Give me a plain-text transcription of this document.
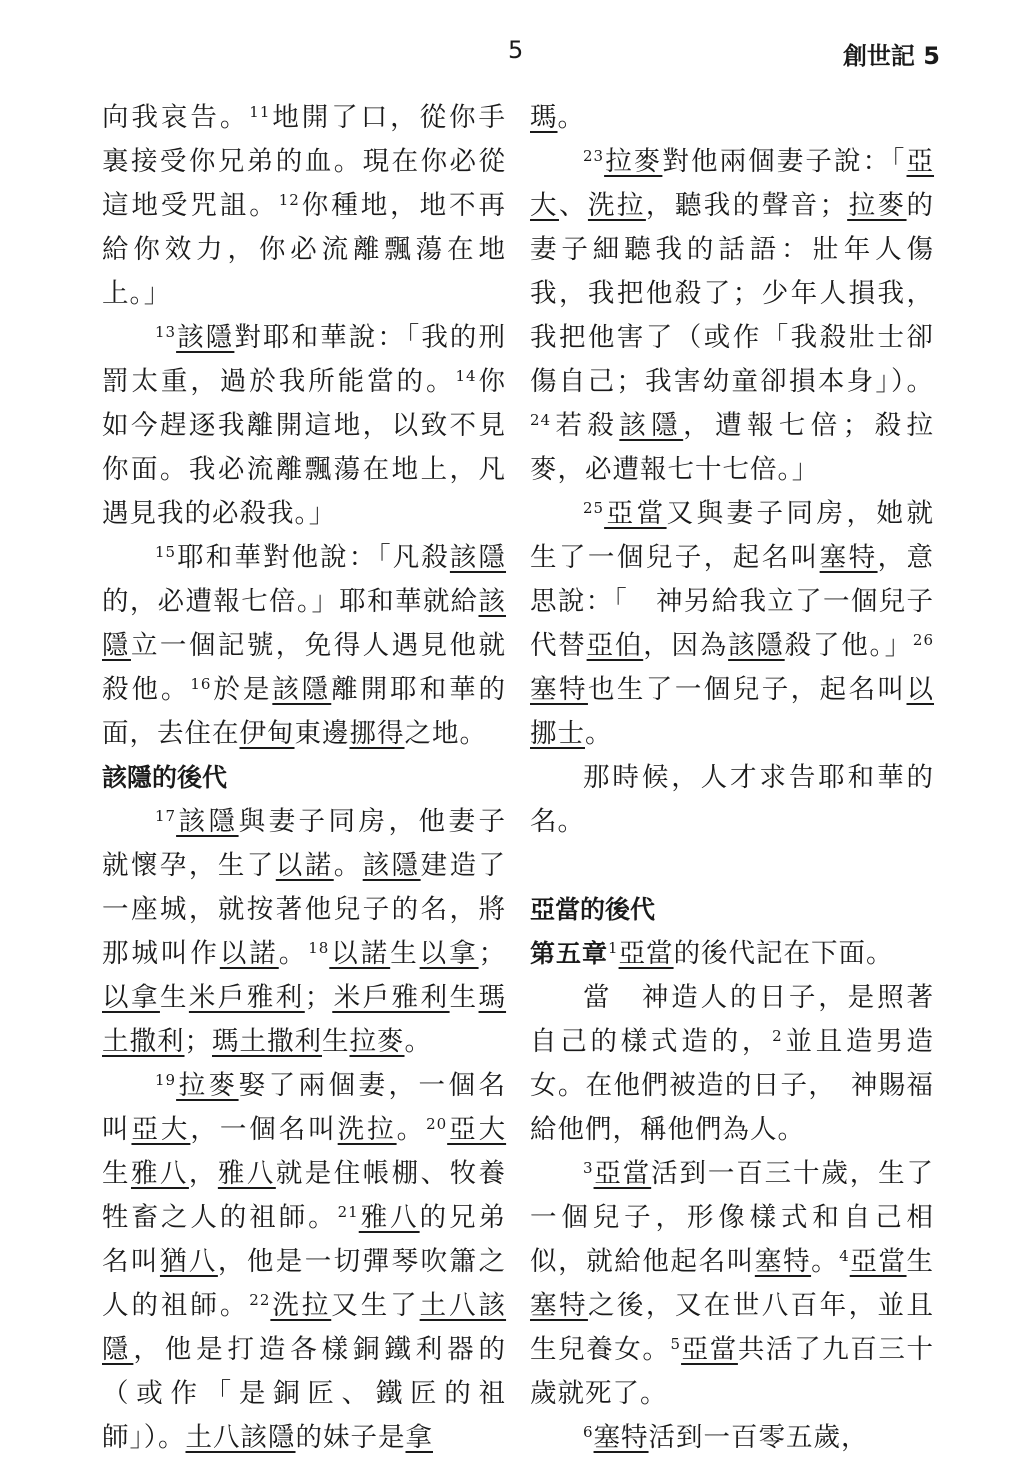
5	創世記 5

向我哀告。$^{11}$地開了口，從你手裏接受你兄弟的血。現在你必從這地受咒詛。$^{12}$你種地，地不再給你效力，你必流離飄蕩在地上。」

$^{13}$該隱對耶和華說：「我的刑罰太重，過於我所能當的。$^{14}$你如今趕逐我離開這地，以致不見你面。我必流離飄蕩在地上，凡遇見我的必殺我。」

$^{15}$耶和華對他說：「凡殺該隱的，必遭報七倍。」耶和華就給該隱立一個記號，免得人遇見他就殺他。$^{16}$於是該隱離開耶和華的面，去住在伊甸東邊挪得之地。

該隱的後代

$^{17}$該隱與妻子同房，他妻子就懷孕，生了以諾。該隱建造了一座城，就按著他兒子的名，將那城叫作以諾。$^{18}$以諾生以拿；以拿生米戶雅利；米戶雅利生瑪土撒利；瑪土撒利生拉麥。

$^{19}$拉麥娶了兩個妻，一個名叫亞大，一個名叫洗拉。$^{20}$亞大生雅八，雅八就是住帳棚、牧養牲畜之人的祖師。$^{21}$雅八的兄弟名叫猶八，他是一切彈琴吹簫之人的祖師。$^{22}$洗拉又生了土八該隱，他是打造各樣銅鐵利器的（或作「是銅匠、鐵匠的祖師」）。土八該隱的妹子是拿

瑪。

$^{23}$拉麥對他兩個妻子說：「亞大、洗拉，聽我的聲音；拉麥的妻子細聽我的話語：壯年人傷我，我把他殺了；少年人損我，我把他害了（或作「我殺壯士卻傷自己；我害幼童卻損本身」）。$^{24}$若殺該隱，遭報七倍；殺拉麥，必遭報七十七倍。」

$^{25}$亞當又與妻子同房，她就生了一個兒子，起名叫塞特，意思說：「　神另給我立了一個兒子代替亞伯，因為該隱殺了他。」$^{26}$塞特也生了一個兒子，起名叫以挪士。

那時候，人才求告耶和華的名。

亞當的後代

第五章$^1$亞當的後代記在下面。

當　神造人的日子，是照著自己的樣式造的，$^2$並且造男造女。在他們被造的日子，　神賜福給他們，稱他們為人。

$^3$亞當活到一百三十歲，生了一個兒子，形像樣式和自己相似，就給他起名叫塞特。$^4$亞當生塞特之後，又在世八百年，並且生兒養女。$^5$亞當共活了九百三十歲就死了。

$^6$塞特活到一百零五歲，
